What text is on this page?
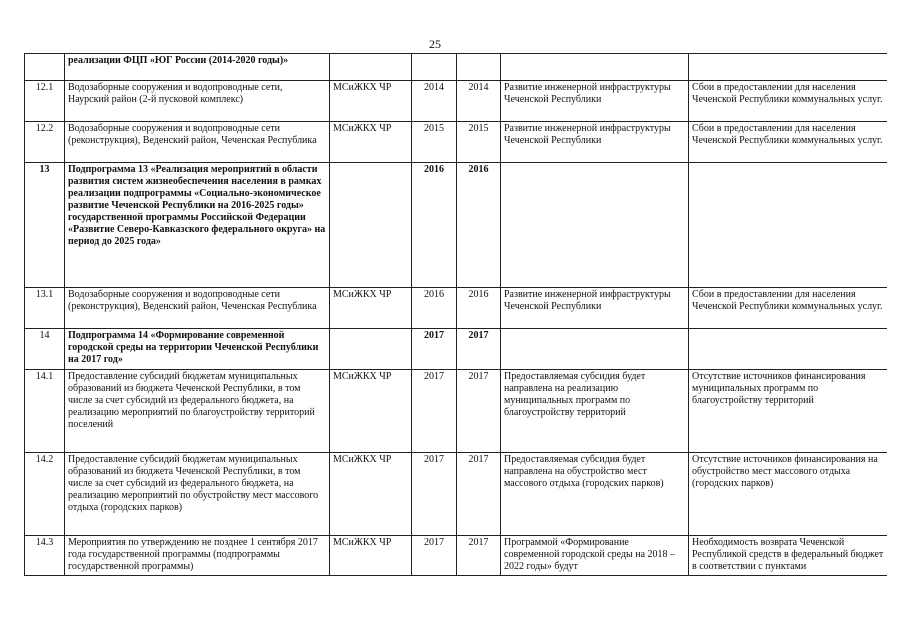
25
	реализации ФЦП «ЮГ России (2014-2020 годы)»					
12.1	Водозаборные сооружения и водопроводные сети, Наурский район (2-й пусковой комплекс)	МСиЖКХ ЧР	2014	2014	Развитие инженерной инфраструктуры Чеченской Республики	Сбои в предоставлении для населения Чеченской Республики коммунальных услуг.
12.2	Водозаборные сооружения и водопроводные сети (реконструкция), Веденский район, Чеченская Республика	МСиЖКХ ЧР	2015	2015	Развитие инженерной инфраструктуры Чеченской Республики	Сбои в предоставлении для населения Чеченской Республики коммунальных услуг.
13	Подпрограмма 13 «Реализация мероприятий в области развития систем жизнеобеспечения населения в рамках реализации подпрограммы «Социально-экономическое развитие Чеченской Республики на 2016-2025 годы» государственной программы Российской Федерации «Развитие Северо-Кавказского федерального округа» на период до 2025 года»		2016	2016		
13.1	Водозаборные сооружения и водопроводные сети (реконструкция), Веденский район, Чеченская Республика	МСиЖКХ ЧР	2016	2016	Развитие инженерной инфраструктуры Чеченской Республики	Сбои в предоставлении для населения Чеченской Республики коммунальных услуг.
14	Подпрограмма 14 «Формирование современной городской среды на территории Чеченской Республики на 2017 год»		2017	2017		
14.1	Предоставление субсидий бюджетам муниципальных образований из бюджета Чеченской Республики, в том числе за счет субсидий из федерального бюджета, на реализацию мероприятий по благоустройству территорий поселений	МСиЖКХ ЧР	2017	2017	Предоставляемая субсидия будет направлена на реализацию муниципальных программ по благоустройству территорий	Отсутствие источников финансирования муниципальных программ по благоустройству территорий
14.2	Предоставление субсидий бюджетам муниципальных образований из бюджета Чеченской Республики, в том числе за счет субсидий из федерального бюджета, на реализацию мероприятий по обустройству мест массового отдыха (городских парков)	МСиЖКХ ЧР	2017	2017	Предоставляемая субсидия будет направлена на обустройство мест массового отдыха (городских парков)	Отсутствие источников финансирования на обустройство мест массового отдыха (городских парков)
14.3	Мероприятия по утверждению не позднее 1 сентября 2017 года государственной программы (подпрограммы государственной программы)	МСиЖКХ ЧР	2017	2017	Программой «Формирование современной городской среды на 2018 – 2022 годы» будут	Необходимость возврата Чеченской Республикой средств в федеральный бюджет в соответствии с пунктами
